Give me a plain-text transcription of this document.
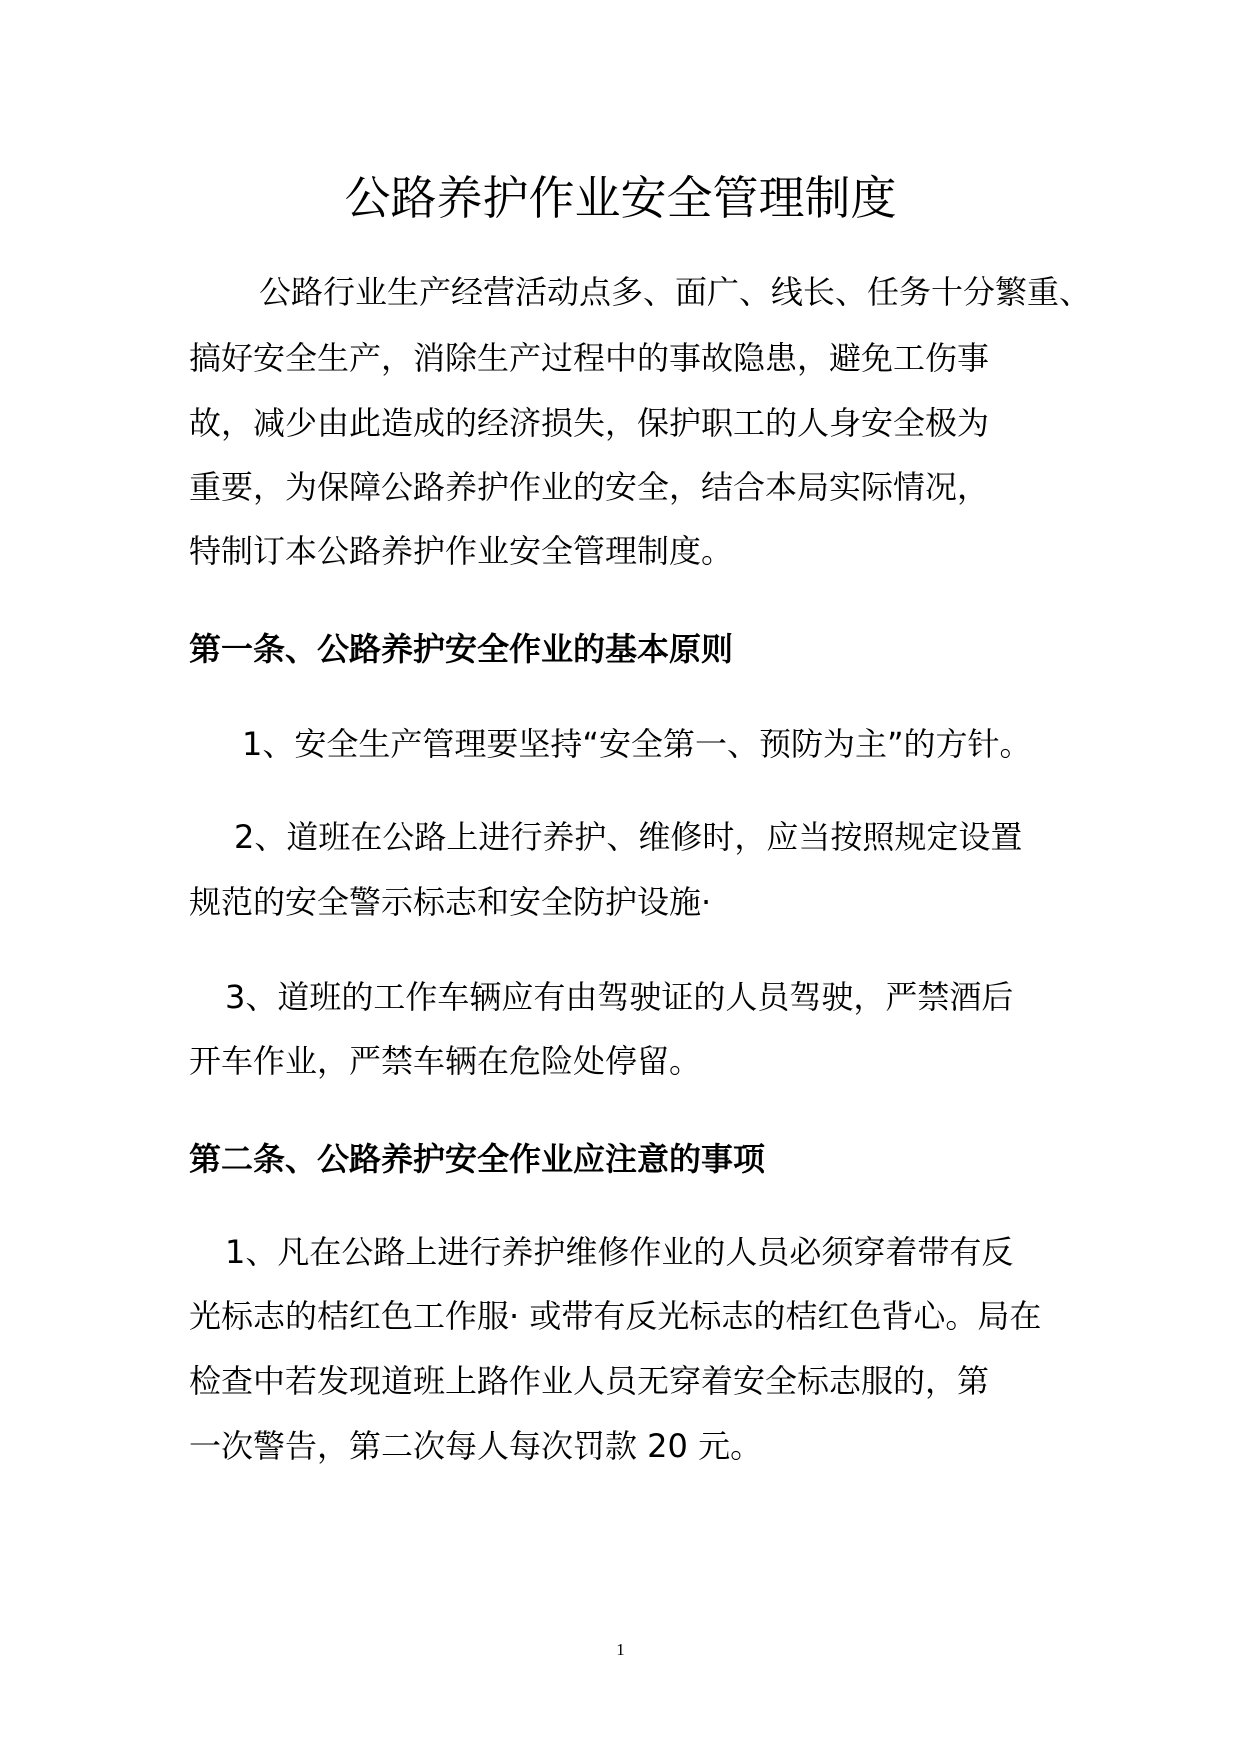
公路养护作业安全管理制度
公路行业生产经营活动点多、面广、线长、任务十分繁重、
搞好安全生产，消除生产过程中的事故隐患，避免工伤事
故，减少由此造成的经济损失，保护职工的人身安全极为
重要，为保障公路养护作业的安全，结合本局实际情况，
特制订本公路养护作业安全管理制度。
第一条、公路养护安全作业的基本原则
1、安全生产管理要坚持“安全第一、预防为主”的方针。
2、道班在公路上进行养护、维修时，应当按照规定设置
规范的安全警示标志和安全防护设施·
3、道班的工作车辆应有由驾驶证的人员驾驶，严禁酒后
开车作业，严禁车辆在危险处停留。
第二条、公路养护安全作业应注意的事项
1、凡在公路上进行养护维修作业的人员必须穿着带有反
光标志的桔红色工作服· 或带有反光标志的桔红色背心。局在
检查中若发现道班上路作业人员无穿着安全标志服的，第
一次警告，第二次每人每次罚款 20 元。
1
